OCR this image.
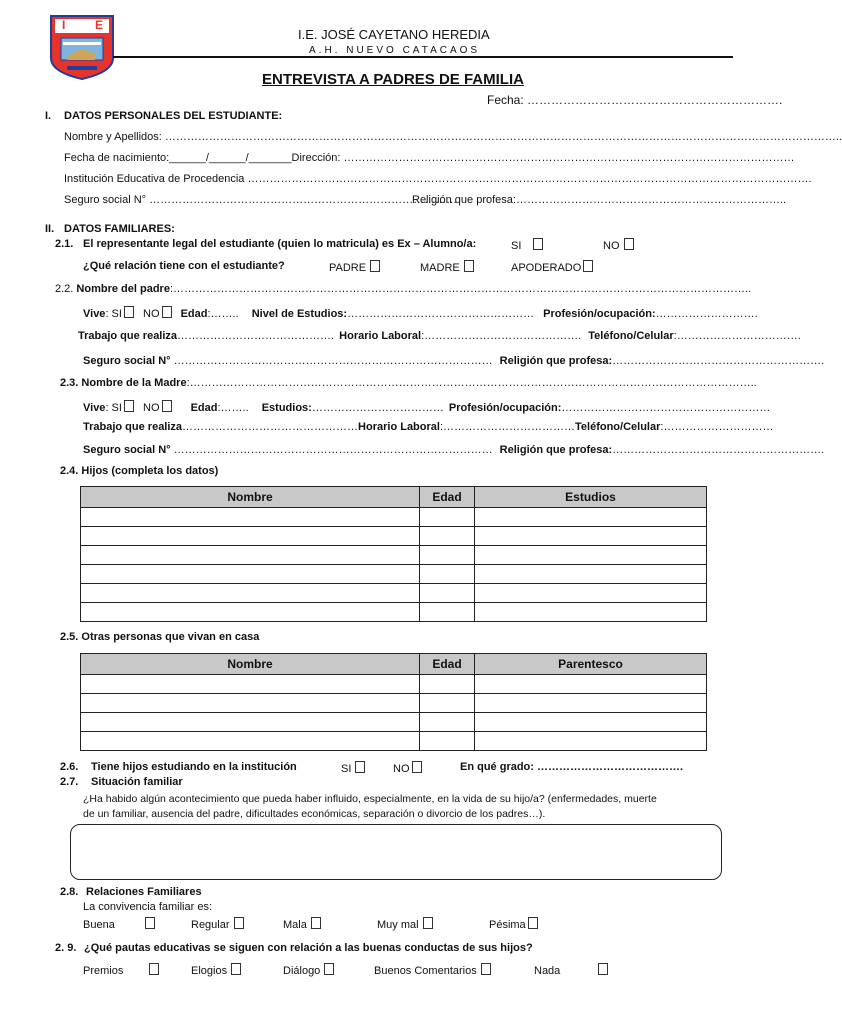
I E
I.E. JOSÉ CAYETANO HEREDIA
A.H. NUEVO CATACAOS
ENTREVISTA A PADRES DE FAMILIA
Fecha: ……………………………………………………….
I. DATOS PERSONALES DEL ESTUDIANTE:
Nombre y Apellidos: …………………………………………………………………………………………………………………………………………………………………..
Fecha de nacimiento:______/______/_______Dirección: ……………………………………………………………………………………………………………
Institución Educativa de Procedencia ……………………………………………………………………………………………………………………………………….
Seguro social N° …………………………………………………………………………
Religión que profesa:………………………………………………………………..
II. DATOS FAMILIARES:
2.1. El representante legal del estudiante (quien lo matricula) es Ex – Alumno/a:	SI	NO
¿Qué relación tiene con el estudiante?	PADRE	MADRE	APODERADO
2.2. Nombre del padre:…………………………………………………………………………………………………………………………………………..
Vive: SI NO Edad:…….. Nivel de Estudios:…………………………………………… Profesión/ocupación:……………………….
Trabajo que realiza……………………………………. Horario Laboral:……………………………………. Teléfono/Celular:…………………………….
Seguro social N° …………………………………………………………………………… Religión que profesa:………………………………………………….
2.3. Nombre de la Madre:………………………………………………………………………………………………………………………………………..
Vive: SI NO	Edad:…….. Estudios:……………………………… Profesión/ocupación:…………………………………………………
Trabajo que realiza…………………………………………Horario Laboral:………………………………Teléfono/Celular:…………………………
Seguro social N° …………………………………………………………………………… Religión que profesa:………………………………………………….
2.4. Hijos (completa los datos)
Nombre	Edad	Estudios

2.5. Otras personas que vivan en casa
Nombre	Edad	Parentesco

2.6. Tiene hijos estudiando en la institución	SI	NO	En qué grado: ………………………………….
2.7. Situación familiar
¿Ha habido algún acontecimiento que pueda haber influido, especialmente, en la vida de su hijo/a? (enfermedades, muerte
de un familiar, ausencia del padre, dificultades económicas, separación o divorcio de los padres…).
2.8. Relaciones Familiares
La convivencia familiar es:
Buena	Regular	Mala	Muy mal	Pésima
2. 9. ¿Qué pautas educativas se siguen con relación a las buenas conductas de sus hijos?
Premios	Elogios	Diálogo	Buenos Comentarios	Nada
